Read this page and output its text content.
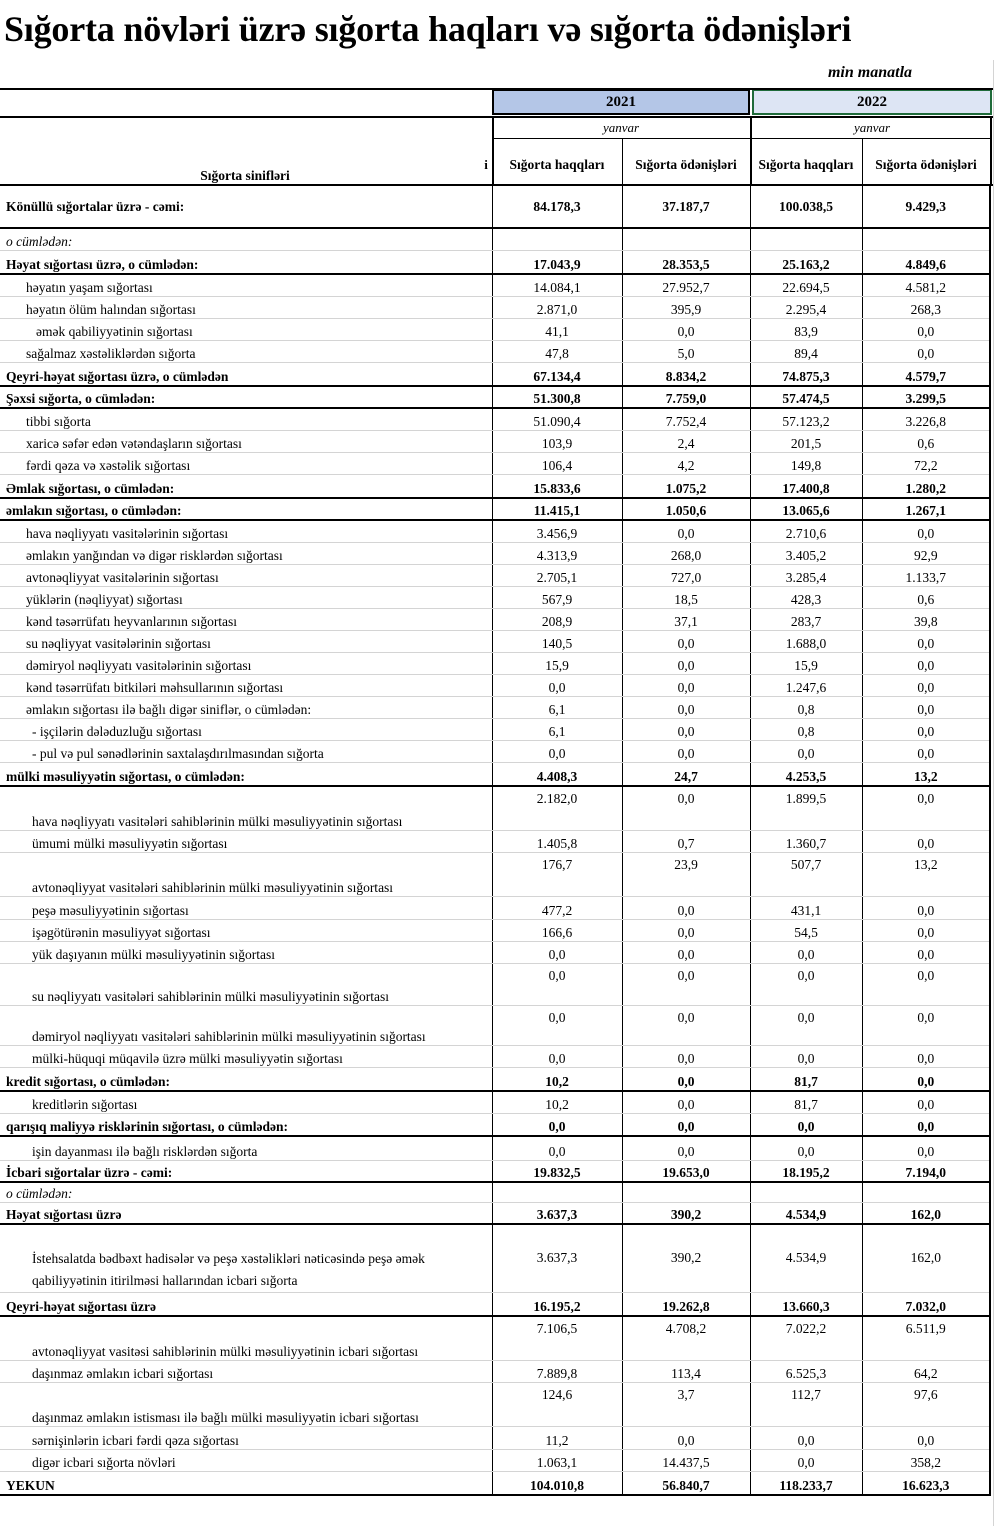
Sığorta növləri üzrə sığorta haqları və sığorta ödənişləri
min manatla
2021	2022
yanvar	yanvar
Sığorta haqqları	Sığorta ödənişləri	Sığorta haqqları	Sığorta ödənişləri
i
Sığorta sinifləri
Könüllü sığortalar üzrə - cəmi:	84.178,3	37.187,7	100.038,5	9.429,3
o cümlədən:				
Həyat sığortası üzrə, o cümlədən:	17.043,9	28.353,5	25.163,2	4.849,6
həyatın yaşam sığortası	14.084,1	27.952,7	22.694,5	4.581,2
həyatın ölüm halından sığortası	2.871,0	395,9	2.295,4	268,3
əmək qabiliyyətinin sığortası	41,1	0,0	83,9	0,0
sağalmaz xəstəliklərdən sığorta	47,8	5,0	89,4	0,0
Qeyri-həyat sığortası üzrə, o cümlədən	67.134,4	8.834,2	74.875,3	4.579,7
Şəxsi sığorta, o cümlədən:	51.300,8	7.759,0	57.474,5	3.299,5
tibbi sığorta	51.090,4	7.752,4	57.123,2	3.226,8
xaricə səfər edən vətəndaşların sığortası	103,9	2,4	201,5	0,6
fərdi qəza və xəstəlik sığortası	106,4	4,2	149,8	72,2
Əmlak sığortası, o cümlədən:	15.833,6	1.075,2	17.400,8	1.280,2
əmlakın sığortası, o cümlədən:	11.415,1	1.050,6	13.065,6	1.267,1
hava nəqliyyatı vasitələrinin sığortası	3.456,9	0,0	2.710,6	0,0
əmlakın yanğından və digər risklərdən sığortası	4.313,9	268,0	3.405,2	92,9
avtonəqliyyat vasitələrinin sığortası	2.705,1	727,0	3.285,4	1.133,7
yüklərin (nəqliyyat) sığortası	567,9	18,5	428,3	0,6
kənd təsərrüfatı heyvanlarının sığortası	208,9	37,1	283,7	39,8
su nəqliyyat vasitələrinin sığortası	140,5	0,0	1.688,0	0,0
dəmiryol nəqliyyatı vasitələrinin sığortası	15,9	0,0	15,9	0,0
kənd təsərrüfatı bitkiləri məhsullarının sığortası	0,0	0,0	1.247,6	0,0
əmlakın sığortası ilə bağlı digər siniflər, o cümlədən:	6,1	0,0	0,8	0,0
- işçilərin dələduzluğu sığortası	6,1	0,0	0,8	0,0
- pul və pul sənədlərinin saxtalaşdırılmasından sığorta	0,0	0,0	0,0	0,0
mülki məsuliyyətin sığortası, o cümlədən:	4.408,3	24,7	4.253,5	13,2
hava nəqliyyatı vasitələri sahiblərinin mülki məsuliyyətinin sığortası	2.182,0	0,0	1.899,5	0,0
ümumi mülki məsuliyyətin sığortası	1.405,8	0,7	1.360,7	0,0
avtonəqliyyat vasitələri sahiblərinin mülki məsuliyyətinin sığortası	176,7	23,9	507,7	13,2
peşə məsuliyyətinin sığortası	477,2	0,0	431,1	0,0
işəgötürənin məsuliyyət sığortası	166,6	0,0	54,5	0,0
yük daşıyanın mülki məsuliyyətinin sığortası	0,0	0,0	0,0	0,0
su nəqliyyatı vasitələri sahiblərinin mülki məsuliyyətinin sığortası	0,0	0,0	0,0	0,0
dəmiryol nəqliyyatı vasitələri sahiblərinin mülki məsuliyyətinin sığortası	0,0	0,0	0,0	0,0
mülki-hüquqi müqavilə üzrə mülki məsuliyyətin sığortası	0,0	0,0	0,0	0,0
kredit sığortası, o cümlədən:	10,2	0,0	81,7	0,0
kreditlərin sığortası	10,2	0,0	81,7	0,0
qarışıq maliyyə risklərinin sığortası, o cümlədən:	0,0	0,0	0,0	0,0
işin dayanması ilə bağlı risklərdən sığorta	0,0	0,0	0,0	0,0
İcbari sığortalar üzrə - cəmi:	19.832,5	19.653,0	18.195,2	7.194,0
o cümlədən:				
Həyat sığortası üzrə	3.637,3	390,2	4.534,9	162,0

İstehsalatda bədbəxt hadisələr və peşə xəstəlikləri nəticəsində peşə əmək
qabiliyyətinin itirilməsi hallarından icbari sığorta	3.637,3	390,2	4.534,9	162,0
Qeyri-həyat sığortası üzrə	16.195,2	19.262,8	13.660,3	7.032,0
avtonəqliyyat vasitəsi sahiblərinin mülki məsuliyyətinin icbari sığortası	7.106,5	4.708,2	7.022,2	6.511,9
daşınmaz əmlakın icbari sığortası	7.889,8	113,4	6.525,3	64,2
daşınmaz əmlakın istisması ilə bağlı mülki məsuliyyətin icbari sığortası	124,6	3,7	112,7	97,6
sərnişinlərin icbari fərdi qəza sığortası	11,2	0,0	0,0	0,0
digər icbari sığorta növləri	1.063,1	14.437,5	0,0	358,2
YEKUN	104.010,8	56.840,7	118.233,7	16.623,3
